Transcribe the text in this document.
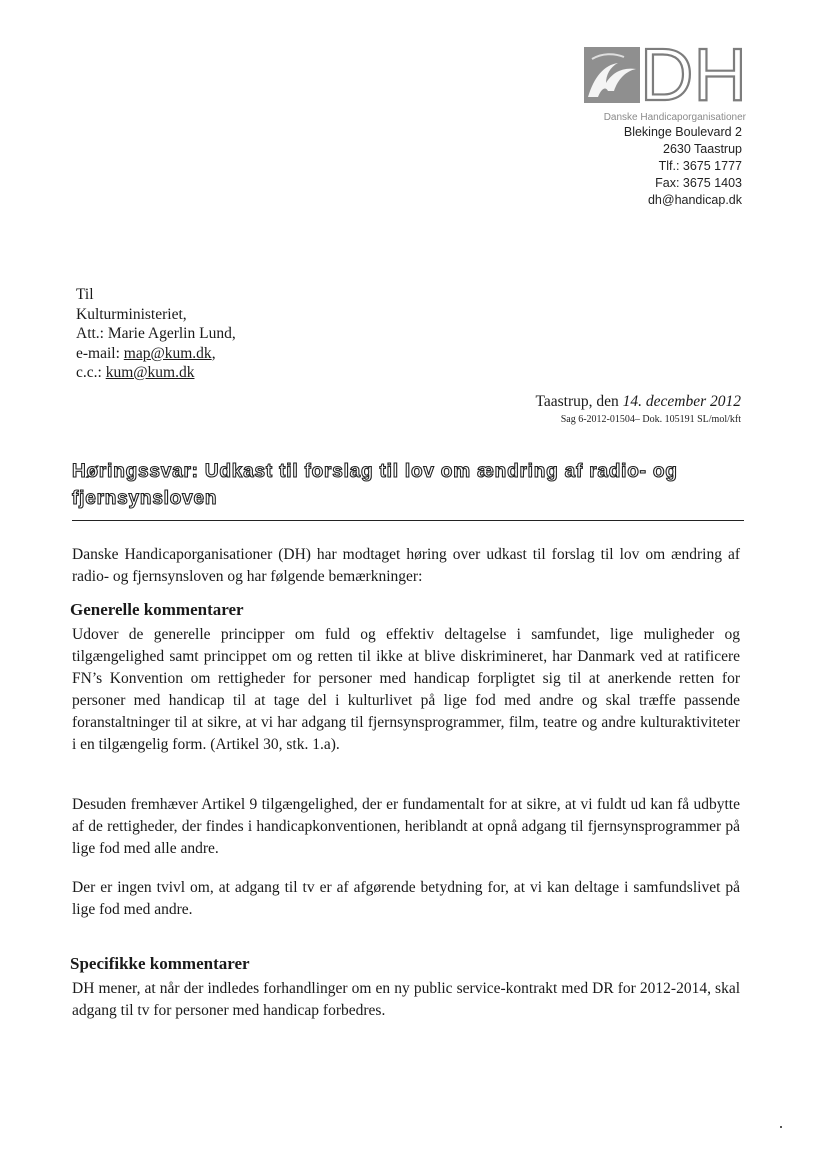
DH
Danske Handicaporganisationer
Blekinge Boulevard 2
2630 Taastrup
Tlf.: 3675 1777
Fax: 3675 1403
dh@handicap.dk
Til
Kulturministeriet,
Att.: Marie Agerlin Lund,
e-mail: map@kum.dk,
c.c.: kum@kum.dk
Taastrup, den 14. december 2012
Sag 6-2012-01504– Dok. 105191 SL/mol/kft
Høringssvar: Udkast til forslag til lov om ændring af radio- og fjernsynsloven
Danske Handicaporganisationer (DH) har modtaget høring over udkast til forslag til lov om ændring af radio- og fjernsynsloven og har følgende bemærkninger:
Generelle kommentarer
Udover de generelle principper om fuld og effektiv deltagelse i samfundet, lige muligheder og tilgængelighed samt princippet om og retten til ikke at blive diskrimineret, har Danmark ved at ratificere FN’s Konvention om rettigheder for personer med handicap forpligtet sig til at anerkende retten for personer med handicap til at tage del i kulturlivet på lige fod med andre og skal træffe passende foranstaltninger til at sikre, at vi har adgang til fjernsynsprogrammer, film, teatre og andre kulturaktiviteter i en tilgængelig form. (Artikel 30, stk. 1.a).
Desuden fremhæver Artikel 9 tilgængelighed, der er fundamentalt for at sikre, at vi fuldt ud kan få udbytte af de rettigheder, der findes i handicapkonventionen, heriblandt at opnå adgang til fjernsynsprogrammer på lige fod med alle andre.
Der er ingen tvivl om, at adgang til tv er af afgørende betydning for, at vi kan deltage i samfundslivet på lige fod med andre.
Specifikke kommentarer
DH mener, at når der indledes forhandlinger om en ny public service-kontrakt med DR for 2012-2014, skal adgang til tv for personer med handicap forbedres.
